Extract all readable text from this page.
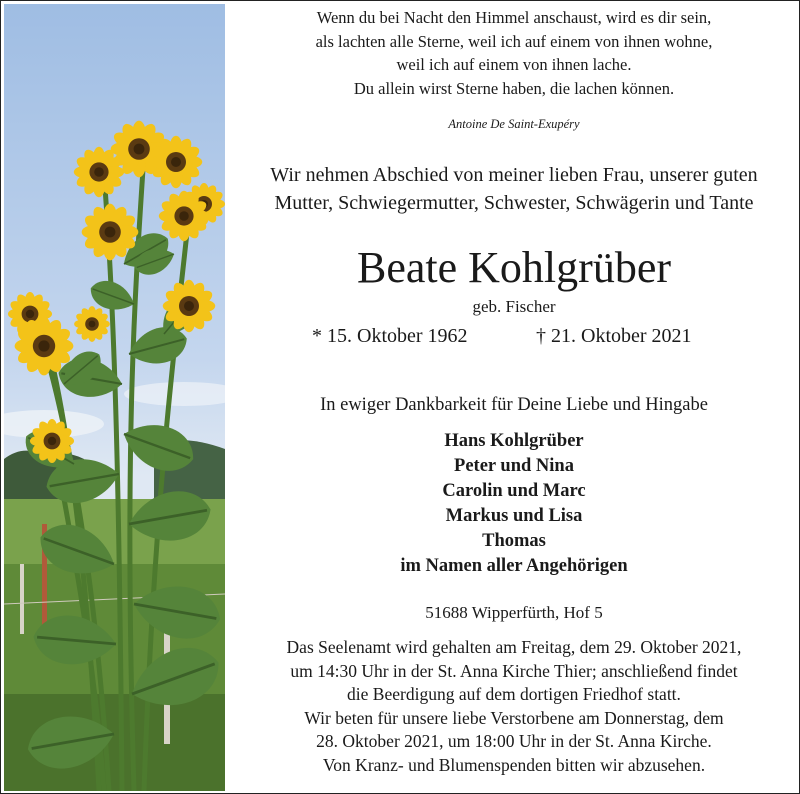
Wenn du bei Nacht den Himmel anschaust, wird es dir sein,
als lachten alle Sterne, weil ich auf einem von ihnen wohne,
weil ich auf einem von ihnen lache.
Du allein wirst Sterne haben, die lachen können.
Antoine De Saint-Exupéry
Wir nehmen Abschied von meiner lieben Frau, unserer guten
Mutter, Schwiegermutter, Schwester, Schwägerin und Tante
Beate Kohlgrüber
geb. Fischer
* 15. Oktober 1962	† 21. Oktober 2021
In ewiger Dankbarkeit für Deine Liebe und Hingabe
Hans Kohlgrüber
Peter und Nina
Carolin und Marc
Markus und Lisa
Thomas
im Namen aller Angehörigen
51688 Wipperfürth, Hof 5
Das Seelenamt wird gehalten am Freitag, dem 29. Oktober 2021,
um 14:30 Uhr in der St. Anna Kirche Thier; anschließend findet
die Beerdigung auf dem dortigen Friedhof statt.
Wir beten für unsere liebe Verstorbene am Donnerstag, dem
28. Oktober 2021, um 18:00 Uhr in der St. Anna Kirche.
Von Kranz- und Blumenspenden bitten wir abzusehen.
